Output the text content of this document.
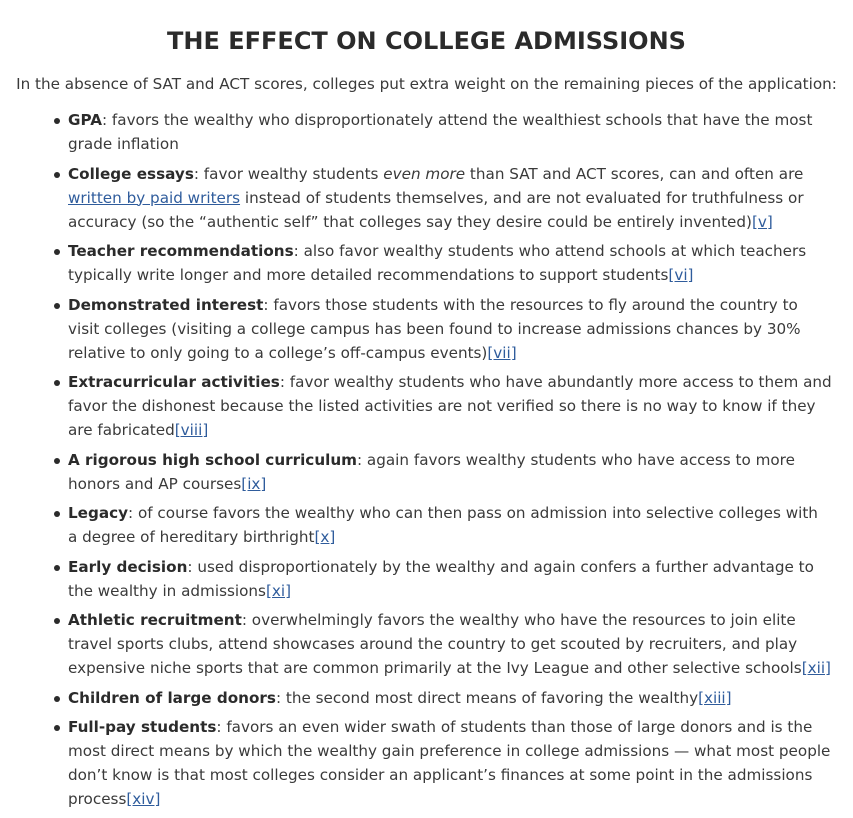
THE EFFECT ON COLLEGE ADMISSIONS

In the absence of SAT and ACT scores, colleges put extra weight on the remaining pieces of the application:

GPA: favors the wealthy who disproportionately attend the wealthiest schools that have the most grade inflation
College essays: favor wealthy students even more than SAT and ACT scores, can and often are written by paid writers instead of students themselves, and are not evaluated for truthfulness or accuracy (so the “authentic self” that colleges say they desire could be entirely invented)[v]
Teacher recommendations: also favor wealthy students who attend schools at which teachers typically write longer and more detailed recommendations to support students[vi]
Demonstrated interest: favors those students with the resources to fly around the country to visit colleges (visiting a college campus has been found to increase admissions chances by 30% relative to only going to a college’s off-campus events)[vii]
Extracurricular activities: favor wealthy students who have abundantly more access to them and favor the dishonest because the listed activities are not verified so there is no way to know if they are fabricated[viii]
A rigorous high school curriculum: again favors wealthy students who have access to more honors and AP courses[ix]
Legacy: of course favors the wealthy who can then pass on admission into selective colleges with a degree of hereditary birthright[x]
Early decision: used disproportionately by the wealthy and again confers a further advantage to the wealthy in admissions[xi]
Athletic recruitment: overwhelmingly favors the wealthy who have the resources to join elite travel sports clubs, attend showcases around the country to get scouted by recruiters, and play expensive niche sports that are common primarily at the Ivy League and other selective schools[xii]
Children of large donors: the second most direct means of favoring the wealthy[xiii]
Full-pay students: favors an even wider swath of students than those of large donors and is the most direct means by which the wealthy gain preference in college admissions — what most people don’t know is that most colleges consider an applicant’s finances at some point in the admissions process[xiv]
